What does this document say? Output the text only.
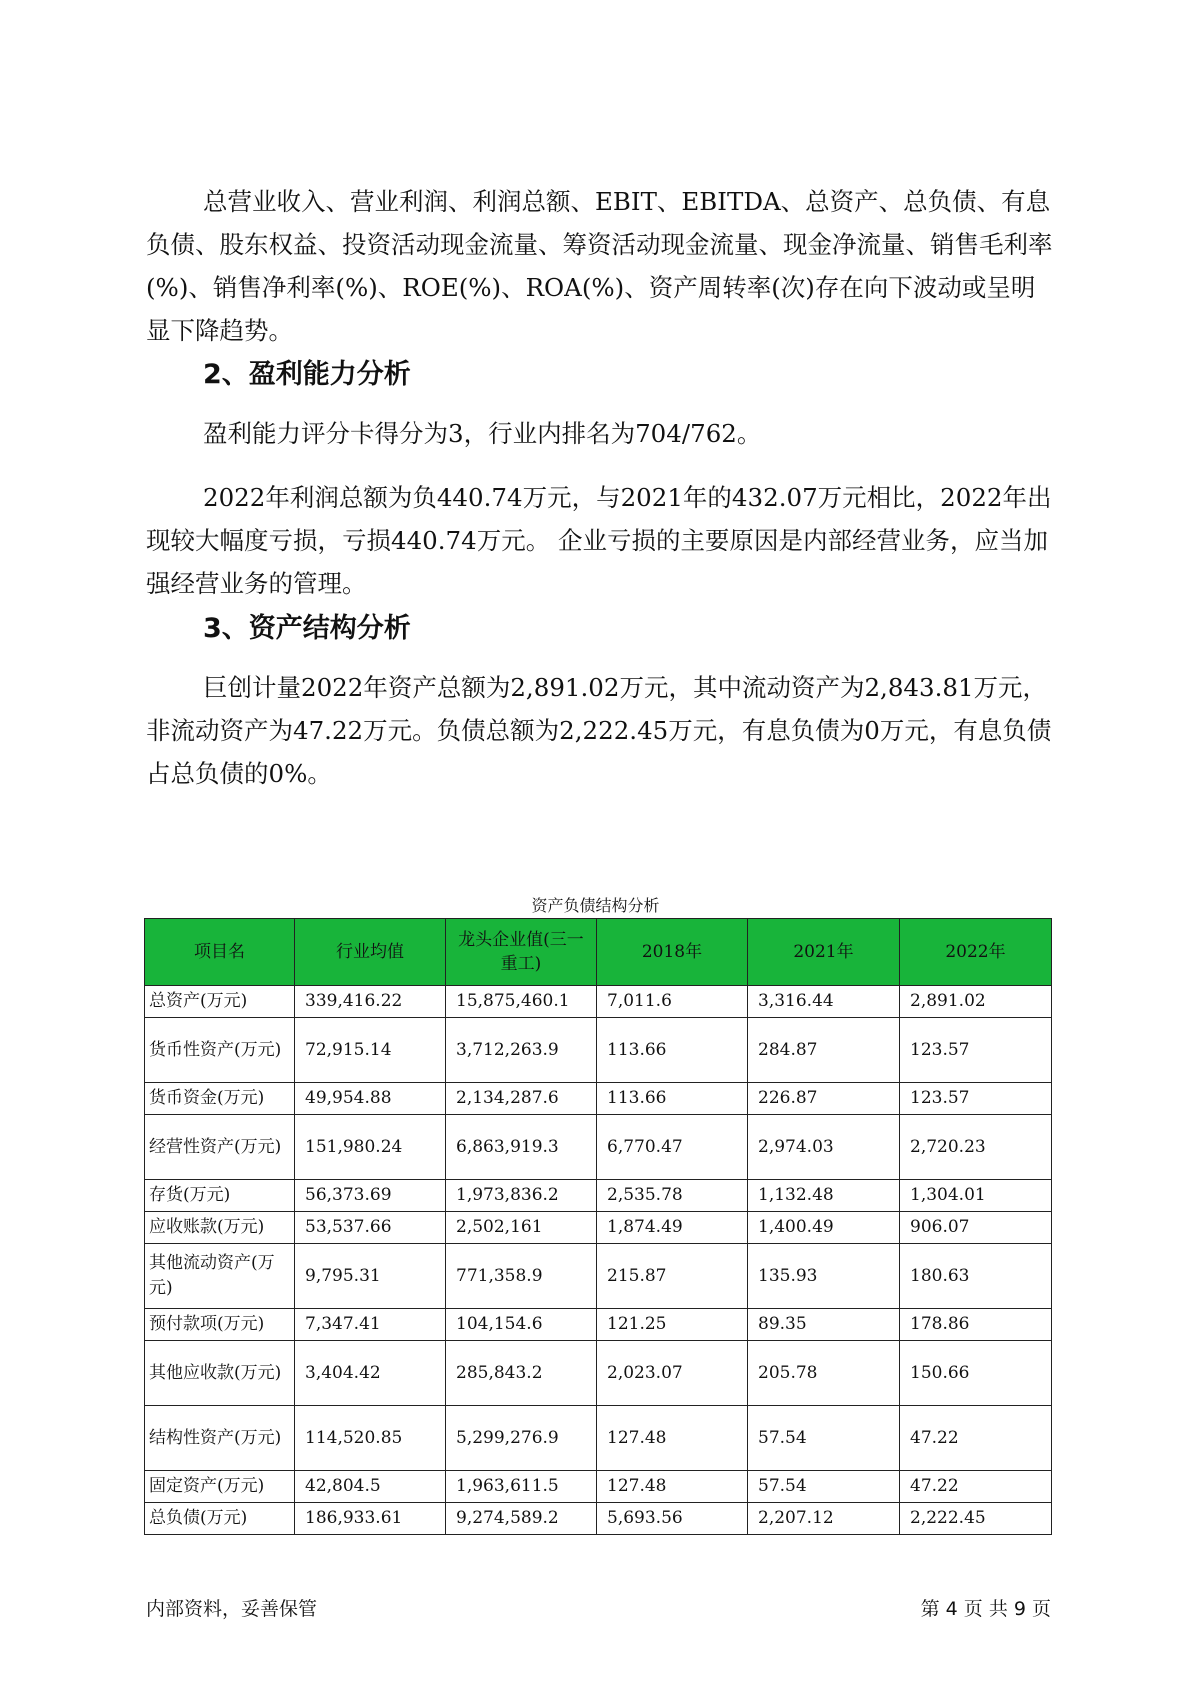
总营业收入、营业利润、利润总额、EBIT、EBITDA、总资产、总负债、有息负债、股东权益、投资活动现金流量、筹资活动现金流量、现金净流量、销售毛利率(%)、销售净利率(%)、ROE(%)、ROA(%)、资产周转率(次)存在向下波动或呈明显下降趋势。

2、盈利能力分析

盈利能力评分卡得分为3，行业内排名为704/762。

2022年利润总额为负440.74万元，与2021年的432.07万元相比，2022年出现较大幅度亏损，亏损440.74万元。 企业亏损的主要原因是内部经营业务，应当加强经营业务的管理。

3、资产结构分析

巨创计量2022年资产总额为2,891.02万元，其中流动资产为2,843.81万元，非流动资产为47.22万元。负债总额为2,222.45万元，有息负债为0万元，有息负债占总负债的0%。

资产负债结构分析
项目名	行业均值	龙头企业值(三一重工)	2018年	2021年	2022年
总资产(万元)	339,416.22	15,875,460.1	7,011.6	3,316.44	2,891.02
货币性资产(万元)	72,915.14	3,712,263.9	113.66	284.87	123.57
货币资金(万元)	49,954.88	2,134,287.6	113.66	226.87	123.57
经营性资产(万元)	151,980.24	6,863,919.3	6,770.47	2,974.03	2,720.23
存货(万元)	56,373.69	1,973,836.2	2,535.78	1,132.48	1,304.01
应收账款(万元)	53,537.66	2,502,161	1,874.49	1,400.49	906.07
其他流动资产(万元)	9,795.31	771,358.9	215.87	135.93	180.63
预付款项(万元)	7,347.41	104,154.6	121.25	89.35	178.86
其他应收款(万元)	3,404.42	285,843.2	2,023.07	205.78	150.66
结构性资产(万元)	114,520.85	5,299,276.9	127.48	57.54	47.22
固定资产(万元)	42,804.5	1,963,611.5	127.48	57.54	47.22
总负债(万元)	186,933.61	9,274,589.2	5,693.56	2,207.12	2,222.45
内部资料，妥善保管	第 4 页 共 9 页
